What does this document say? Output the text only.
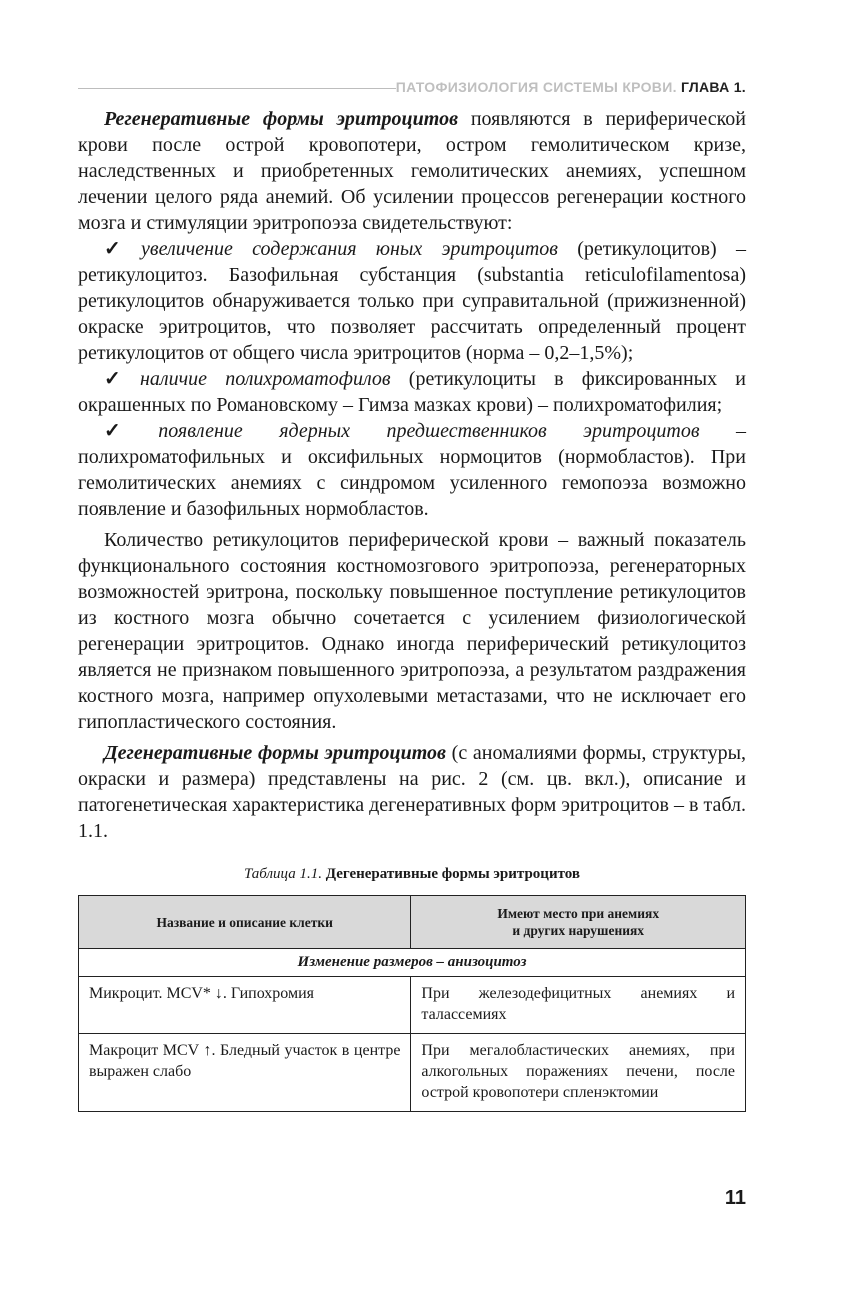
ПАТОФИЗИОЛОГИЯ СИСТЕМЫ КРОВИ. ГЛАВА 1.

Регенеративные формы эритроцитов появляются в периферической крови после острой кровопотери, остром гемолитическом кризе, наследственных и приобретенных гемолитических анемиях, успешном лечении целого ряда анемий. Об усилении процессов регенерации костного мозга и стимуляции эритропоэза свидетельствуют:

✓ увеличение содержания юных эритроцитов (ретикулоцитов) – ретикулоцитоз. Базофильная субстанция (substantia reticulofilamentosa) ретикулоцитов обнаруживается только при суправитальной (прижизненной) окраске эритроцитов, что позволяет рассчитать определенный процент ретикулоцитов от общего числа эритроцитов (норма – 0,2–1,5%);

✓ наличие полихроматофилов (ретикулоциты в фиксированных и окрашенных по Романовскому – Гимза мазках крови) – полихроматофилия;

✓ появление ядерных предшественников эритроцитов – полихроматофильных и оксифильных нормоцитов (нормобластов). При гемолитических анемиях с синдромом усиленного гемопоэза возможно появление и базофильных нормобластов.

Количество ретикулоцитов периферической крови – важный показатель функционального состояния костномозгового эритропоэза, регенераторных возможностей эритрона, поскольку повышенное поступление ретикулоцитов из костного мозга обычно сочетается с усилением физиологической регенерации эритроцитов. Однако иногда периферический ретикулоцитоз является не признаком повышенного эритропоэза, а результатом раздражения костного мозга, например опухолевыми метастазами, что не исключает его гипопластического состояния.

Дегенеративные формы эритроцитов (с аномалиями формы, структуры, окраски и размера) представлены на рис. 2 (см. цв. вкл.), описание и патогенетическая характеристика дегенеративных форм эритроцитов – в табл. 1.1.

Таблица 1.1. Дегенеративные формы эритроцитов
Название и описание клетки	Имеют место при анемиях
и других нарушениях
Изменение размеров – анизоцитоз	
Микроцит. MCV* ↓. Гипохромия	При железодефицитных анемиях и талассемиях
Макроцит MCV ↑. Бледный участок в центре выражен слабо	При мегалобластических анемиях, при алкогольных поражениях печени, после острой кровопотери спленэктомии
11
